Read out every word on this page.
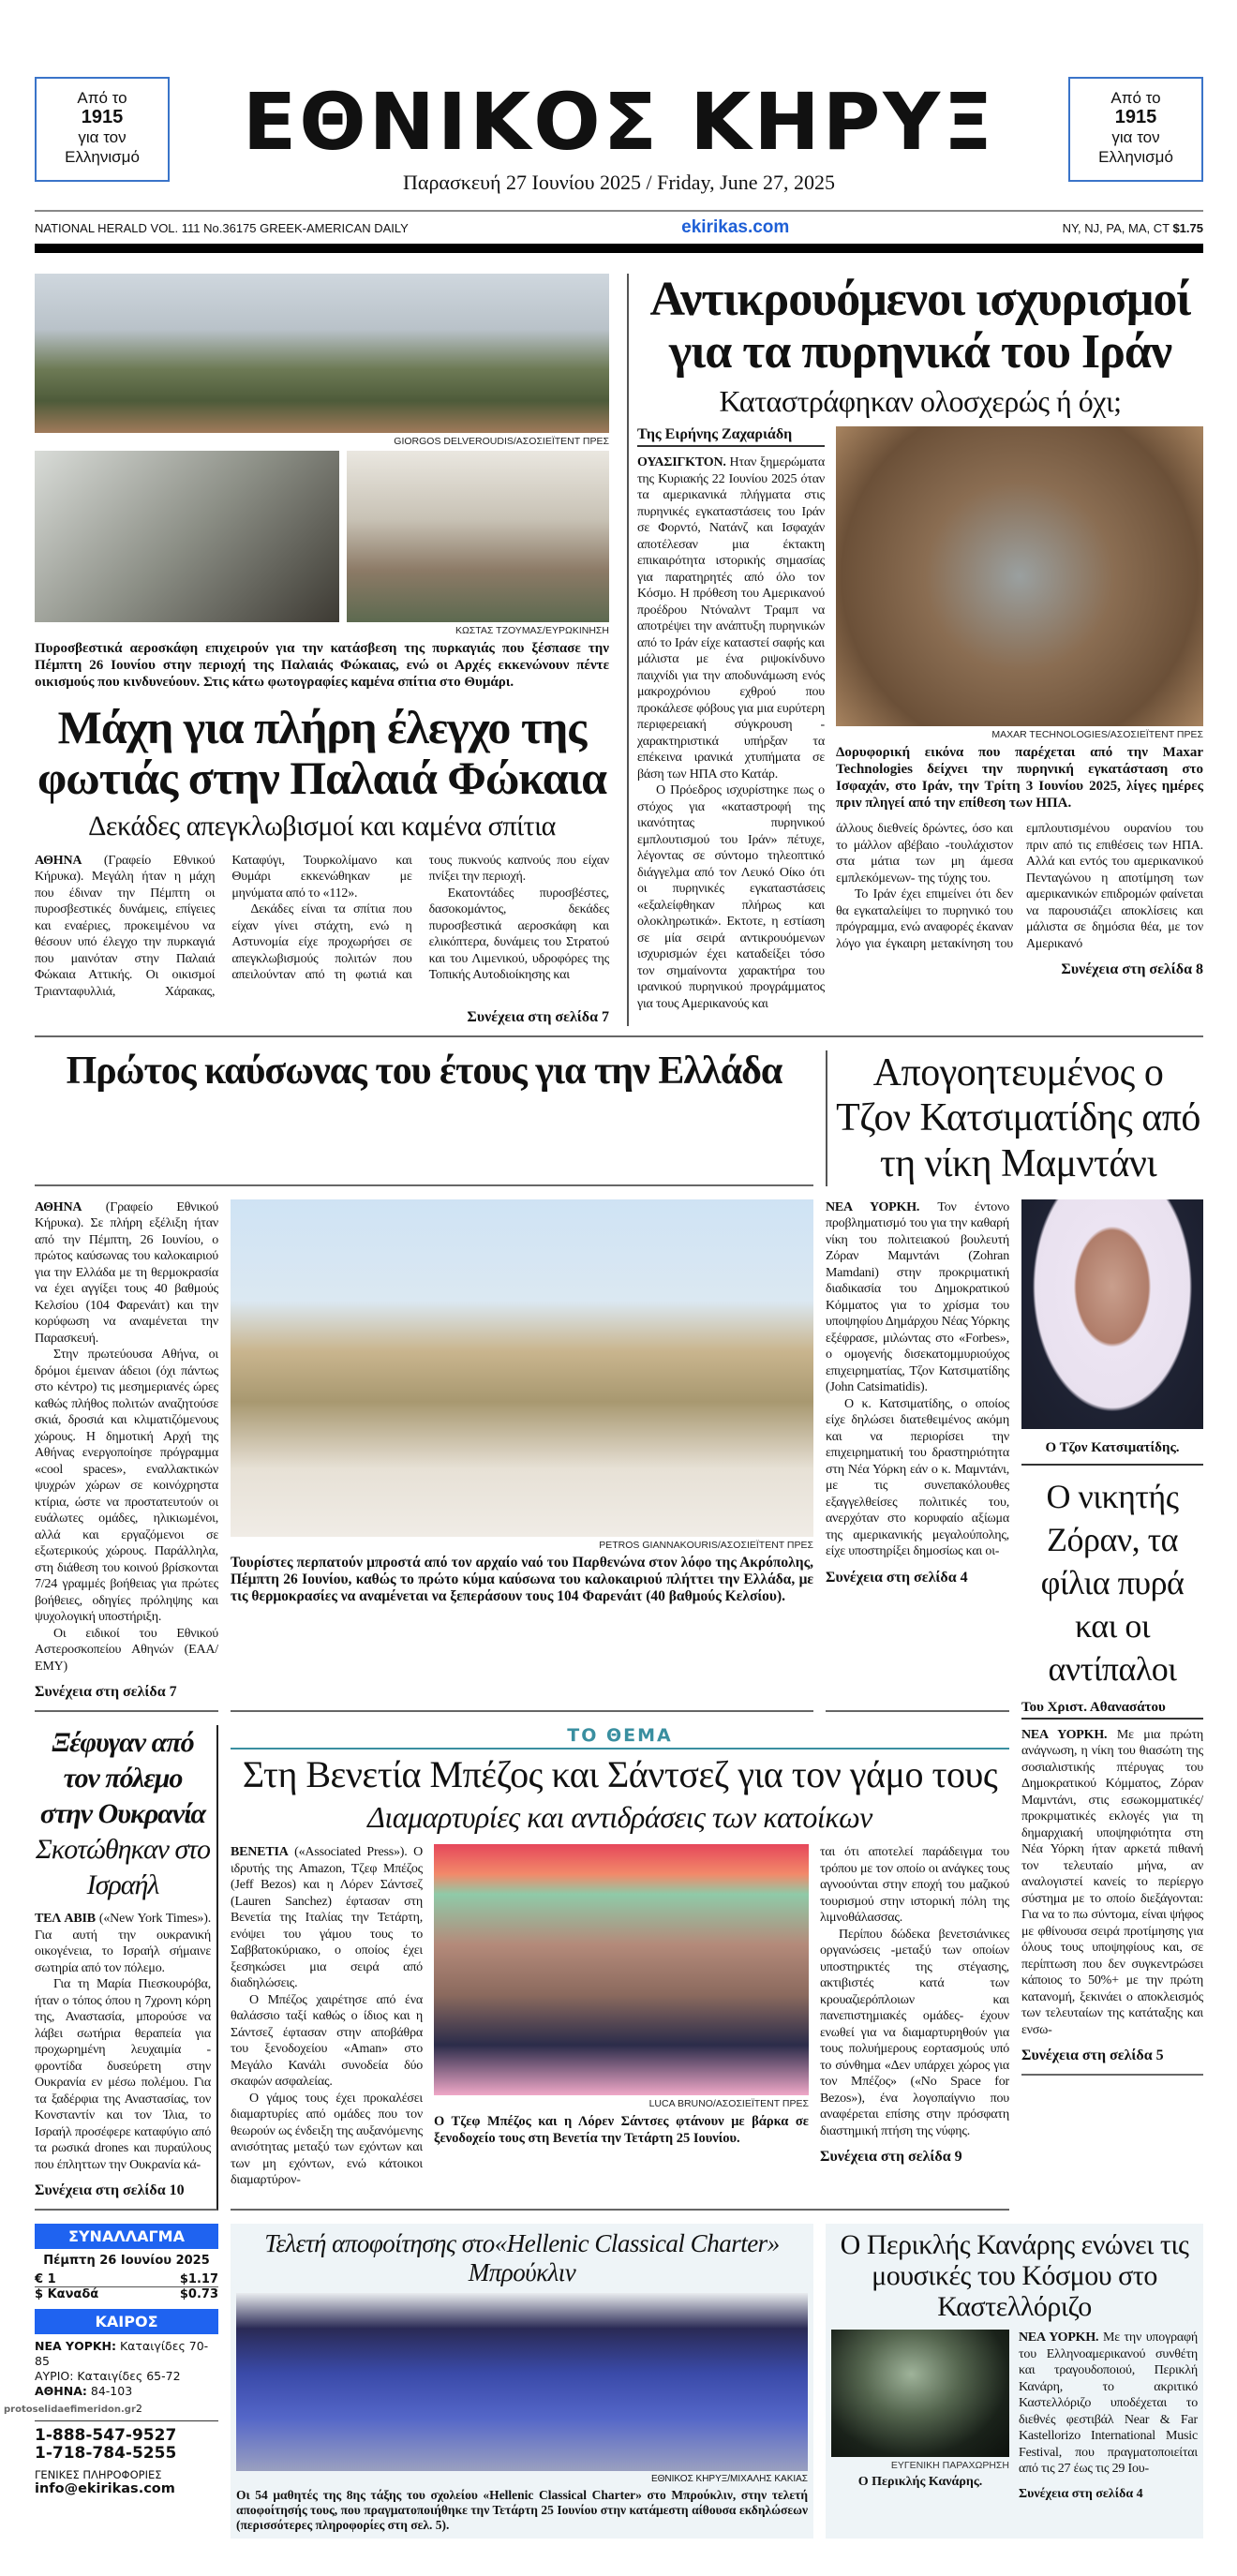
Από το
1915
για τον
Ελληνισμό	ΕΘΝΙΚΟΣ ΚΗΡΥΞ
Παρασκευή 27 Ιουνίου 2025 / Friday, June 27, 2025
Από το
1915
για τον
Ελληνισμό
NATIONAL HERALD VOL. 111 No.36175 GREEK-AMERICAN DAILY	ekirikas.com	NY, NJ, PA, MA, CT $1.75
GIORGOS DELVEROUDIS/ΑΣΟΣΙΕΪΤΕΝΤ ΠΡΕΣ
ΚΩΣΤΑΣ ΤΖΟΥΜΑΣ/ΕΥΡΩΚΙΝΗΣΗ
Πυροσβεστικά αεροσκάφη επιχειρούν για την κατάσβεση της πυρκαγιάς που ξέσπασε την Πέμπτη 26 Ιουνίου στην περιοχή της Παλαιάς Φώκαιας, ενώ οι Αρχές εκκενώνουν πέντε οικισμούς που κινδυνεύουν. Στις κάτω φωτογραφίες καμένα σπίτια στο Θυμάρι.
Μάχη για πλήρη έλεγχο της φωτιάς στην Παλαιά Φώκαια
Δεκάδες απεγκλωβισμοί και καμένα σπίτια

ΑΘΗΝΑ (Γραφείο Εθνικού Κήρυκα). Μεγάλη ήταν η μάχη που έδιναν την Πέμπτη οι πυροσβεστικές δυνάμεις, επίγειες και εναέριες, προκειμένου να θέσουν υπό έλεγχο την πυρκαγιά που μαινόταν στην Παλαιά Φώκαια Αττικής. Οι οικισμοί Τριανταφυλλιά, Χάρακας, Καταφύγι, Τουρκολίμανο και Θυμάρι εκκενώθηκαν με μηνύματα από το «112».

Δεκάδες είναι τα σπίτια που είχαν γίνει στάχτη, ενώ η Αστυνομία είχε προχωρήσει σε απεγκλωβισμούς πολιτών που απειλούνταν από τη φωτιά και τους πυκνούς καπνούς που είχαν πνίξει την περιοχή.

Εκατοντάδες πυροσβέστες, δασοκομάντος, δεκάδες πυροσβεστικά αεροσκάφη και ελικόπτερα, δυνάμεις του Στρατού και του Λιμενικού, υδροφόρες της Τοπικής Αυτοδιοίκησης και

Συνέχεια στη σελίδα 7
Αντικρουόμενοι ισχυρισμοί για τα πυρηνικά του Ιράν
Καταστράφηκαν ολοσχερώς ή όχι;
Της Ειρήνης Ζαχαριάδη

ΟΥΑΣΙΓΚΤΟΝ. Ηταν ξημερώματα της Κυριακής 22 Ιουνίου 2025 όταν τα αμερικανικά πλήγματα στις πυρηνικές εγκαταστάσεις του Ιράν σε Φορντό, Νατάνζ και Ισφαχάν αποτέλεσαν μια έκτακτη επικαιρότητα ιστορικής σημασίας για παρατηρητές από όλο τον Κόσμο. Η πρόθεση του Αμερικανού προέδρου Ντόναλντ Τραμπ να αποτρέψει την ανάπτυξη πυρηνικών από το Ιράν είχε καταστεί σαφής και μάλιστα με ένα ριψοκίνδυνο παιχνίδι για την αποδυνάμωση ενός μακροχρόνιου εχθρού που προκάλεσε φόβους για μια ευρύτερη περιφερειακή σύγκρουση - χαρακτηριστικά υπήρξαν τα επέκεινα ιρανικά χτυπήματα σε βάση των ΗΠΑ στο Κατάρ.

Ο Πρόεδρος ισχυρίστηκε πως ο στόχος για «καταστροφή της ικανότητας πυρηνικού εμπλουτισμού του Ιράν» πέτυχε, λέγοντας σε σύντομο τηλεοπτικό διάγγελμα από τον Λευκό Οίκο ότι οι πυρηνικές εγκαταστάσεις «εξαλείφθηκαν πλήρως και ολοκληρωτικά». Εκτοτε, η εστίαση σε μία σειρά αντικρουόμενων ισχυρισμών έχει καταδείξει τόσο τον σημαίνοντα χαρακτήρα του ιρανικού πυρηνικού προγράμματος για τους Αμερικανούς και

MAXAR TECHNOLOGIES/ΑΣΟΣΙΕΪΤΕΝΤ ΠΡΕΣ
Δορυφορική εικόνα που παρέχεται από την Maxar Technologies δείχνει την πυρηνική εγκατάσταση στο Ισφαχάν, στο Ιράν, την Τρίτη 3 Ιουνίου 2025, λίγες ημέρες πριν πληγεί από την επίθεση των ΗΠΑ.

άλλους διεθνείς δρώντες, όσο και το μάλλον αβέβαιο -τουλάχιστον στα μάτια των μη άμεσα εμπλεκόμενων- της τύχης του.

Το Ιράν έχει επιμείνει ότι δεν θα εγκαταλείψει το πυρηνικό του πρόγραμμα, ενώ αναφορές έκαναν λόγο για έγκαιρη μετακίνηση του εμπλουτισμένου ουρανίου του πριν από τις επιθέσεις των ΗΠΑ. Αλλά και εντός του αμερικανικού Πενταγώνου η αποτίμηση των αμερικανικών επιδρομών φαίνεται να παρουσιάζει αποκλίσεις και μάλιστα σε δημόσια θέα, με τον Αμερικανό

Συνέχεια στη σελίδα 8
Πρώτος καύσωνας του έτους για την Ελλάδα	Απογοητευμένος ο Τζον Κατσιματίδης από τη νίκη Μαμντάνι

ΑΘΗΝΑ (Γραφείο Εθνικού Κήρυκα). Σε πλήρη εξέλιξη ήταν από την Πέμπτη, 26 Ιουνίου, ο πρώτος καύσωνας του καλοκαιριού για την Ελλάδα με τη θερμοκρασία να έχει αγγίξει τους 40 βαθμούς Κελσίου (104 Φαρενάιτ) και την κορύφωση να αναμένεται την Παρασκευή.

Στην πρωτεύουσα Αθήνα, οι δρόμοι έμειναν άδειοι (όχι πάντως στο κέντρο) τις μεσημεριανές ώρες καθώς πλήθος πολιτών αναζητούσε σκιά, δροσιά και κλιματιζόμενους χώρους. Η δημοτική Αρχή της Αθήνας ενεργοποίησε πρόγραμμα «cool spaces», εναλλακτικών ψυχρών χώρων σε κοινόχρηστα κτίρια, ώστε να προστατευτούν οι ευάλωτες ομάδες, ηλικιωμένοι, αλλά και εργαζόμενοι σε εξωτερικούς χώρους. Παράλληλα, στη διάθεση του κοινού βρίσκονται 7/24 γραμμές βοήθειας για πρώτες βοήθειες, οδηγίες πρόληψης και ψυχολογική υποστήριξη.

Οι ειδικοί του Εθνικού Αστεροσκοπείου Αθηνών (ΕΑΑ/ΕΜΥ)

Συνέχεια στη σελίδα 7
PETROS GIANNAKOURIS/ΑΣΟΣΙΕΪΤΕΝΤ ΠΡΕΣ
Τουρίστες περπατούν μπροστά από τον αρχαίο ναό του Παρθενώνα στον λόφο της Ακρόπολης, Πέμπτη 26 Ιουνίου, καθώς το πρώτο κύμα καύσωνα του καλοκαιριού πλήττει την Ελλάδα, με τις θερμοκρασίες να αναμένεται να ξεπεράσουν τους 104 Φαρενάιτ (40 βαθμούς Κελσίου).

ΝΕΑ ΥΟΡΚΗ. Τον έντονο προβληματισμό του για την καθαρή νίκη του πολιτειακού βουλευτή Ζόραν Μαμντάνι (Zohran Mamdani) στην προκριματική διαδικασία του Δημοκρατικού Κόμματος για το χρίσμα του υποψηφίου Δημάρχου Νέας Υόρκης εξέφρασε, μιλώντας στο «Forbes», ο ομογενής δισεκατομμυριούχος επιχειρηματίας, Τζον Κατσιματίδης (John Catsimatidis).

Ο κ. Κατσιματίδης, ο οποίος είχε δηλώσει διατεθειμένος ακόμη και να περιορίσει την επιχειρηματική του δραστηριότητα στη Νέα Υόρκη εάν ο κ. Μαμντάνι, με τις συνεπακόλουθες εξαγγελθείσες πολιτικές του, ανερχόταν στο κορυφαίο αξίωμα της αμερικανικής μεγαλούπολης, είχε υποστηρίξει δημοσίως και οι-

Συνέχεια στη σελίδα 4
Ο Τζον Κατσιματίδης.
Ο νικητής Ζόραν, τα φίλια πυρά και οι αντίπαλοι
Του Χριστ. Αθανασάτου

ΝΕΑ ΥΟΡΚΗ. Με μια πρώτη ανάγνωση, η νίκη του θιασώτη της σοσιαλιστικής πτέρυγας του Δημοκρατικού Κόμματος, Ζόραν Μαμντάνι, στις εσωκομματικές/προκριματικές εκλογές για τη δημαρχιακή υποψηφιότητα στη Νέα Υόρκη ήταν αρκετά πιθανή τον τελευταίο μήνα, αν αναλογιστεί κανείς το περίεργο σύστημα με το οποίο διεξάγονται: Για να το πω σύντομα, είναι ψήφος με φθίνουσα σειρά προτίμησης για όλους τους υποψηφίους και, σε περίπτωση που δεν συγκεντρώσει κάποιος το 50%+ με την πρώτη κατανομή, ξεκινάει ο αποκλεισμός των τελευταίων της κατάταξης και ενσω-

Συνέχεια στη σελίδα 5
Ξέφυγαν από τον πόλεμο στην Ουκρανία
Σκοτώθηκαν στο Ισραήλ

ΤΕΛ ΑΒΙΒ («New York Times»). Για αυτή την ουκρανική οικογένεια, το Ισραήλ σήμαινε σωτηρία από τον πόλεμο.

Για τη Μαρία Πιεσκουρόβα, ήταν ο τόπος όπου η 7χρονη κόρη της, Αναστασία, μπορούσε να λάβει σωτήρια θεραπεία για προχωρημένη λευχαιμία - φροντίδα δυσεύρετη στην Ουκρανία εν μέσω πολέμου. Για τα ξαδέρφια της Αναστασίας, τον Κονσταντίν και τον Ίλια, το Ισραήλ προσέφερε καταφύγιο από τα ρωσικά drones και πυραύλους που έπληττων την Ουκρανία κά-

Συνέχεια στη σελίδα 10
ΤΟ ΘΕΜΑ
Στη Βενετία Μπέζος και Σάντσεζ για τον γάμο τους
Διαμαρτυρίες και αντιδράσεις των κατοίκων

ΒΕΝΕΤΙΑ («Associated Press»). Ο ιδρυτής της Amazon, Τζεφ Μπέζος (Jeff Bezos) και η Λόρεν Σάντσεζ (Lauren Sanchez) έφτασαν στη Βενετία της Ιταλίας την Τετάρτη, ενόψει του γάμου τους το Σαββατοκύριακο, ο οποίος έχει ξεσηκώσει μια σειρά από διαδηλώσεις.

Ο Μπέζος χαιρέτησε από ένα θαλάσσιο ταξί καθώς ο ίδιος και η Σάντσεζ έφτασαν στην αποβάθρα του ξενοδοχείου «Aman» στο Μεγάλο Κανάλι συνοδεία δύο σκαφών ασφαλείας.

Ο γάμος τους έχει προκαλέσει διαμαρτυρίες από ομάδες που τον θεωρούν ως ένδειξη της αυξανόμενης ανισότητας μεταξύ των εχόντων και των μη εχόντων, ενώ κάτοικοι διαμαρτύρον-

LUCA BRUNO/ΑΣΟΣΙΕΪΤΕΝΤ ΠΡΕΣ
Ο Τζεφ Μπέζος και η Λόρεν Σάντσες φτάνουν με βάρκα σε ξενοδοχείο τους στη Βενετία την Τετάρτη 25 Ιουνίου.

ται ότι αποτελεί παράδειγμα του τρόπου με τον οποίο οι ανάγκες τους αγνοούνται στην εποχή του μαζικού τουρισμού στην ιστορική πόλη της λιμνοθάλασσας.

Περίπου δώδεκα βενετσιάνικες οργανώσεις -μεταξύ των οποίων υποστηρικτές της στέγασης, ακτιβιστές κατά των κρουαζιερόπλοιων και πανεπιστημιακές ομάδες- έχουν ενωθεί για να διαμαρτυρηθούν για τους πολυήμερους εορτασμούς υπό το σύνθημα «Δεν υπάρχει χώρος για τον Μπέζος» («No Space for Bezos»), ένα λογοπαίγνιο που αναφέρεται επίσης στην πρόσφατη διαστημική πτήση της νύφης.

Συνέχεια στη σελίδα 9
ΣΥΝΑΛΛΑΓΜΑ
Πέμπτη 26 Ιουνίου 2025
€ 1	$1.17
$ Καναδά	$0.73
ΚΑΙΡΟΣ
ΝΕΑ ΥΟΡΚΗ: Καταιγίδες 70-85
ΑΥΡΙΟ: Καταιγίδες 65-72
ΑΘΗΝΑ: 84-103
protoselidaefimeridon.gr2
1-888-547-9527
1-718-784-5255
ΓΕΝΙΚΕΣ ΠΛΗΡΟΦΟΡΙΕΣ
info@ekirikas.com
Τελετή αποφοίτησης στο«Hellenic Classical Charter» Μπρούκλιν
ΕΘΝΙΚΟΣ ΚΗΡΥΞ/ΜΙΧΑΛΗΣ ΚΑΚΙΑΣ
Οι 54 μαθητές της 8ης τάξης του σχολείου «Hellenic Classical Charter» στο Μπρούκλιν, στην τελετή αποφοίτησής τους, που πραγματοποιήθηκε την Τετάρτη 25 Ιουνίου στην κατάμεστη αίθουσα εκδηλώσεων (περισσότερες πληροφορίες στη σελ. 5).
Ο Περικλής Κανάρης ενώνει τις μουσικές του Κόσμου στο Καστελλόριζο
ΕΥΓΕΝΙΚΗ ΠΑΡΑΧΩΡΗΣΗ
Ο Περικλής Κανάρης.

ΝΕΑ ΥΟΡΚΗ. Με την υπογραφή του Ελληνοαμερικανού συνθέτη και τραγουδοποιού, Περικλή Κανάρη, το ακριτικό Καστελλόριζο υποδέχεται το διεθνές φεστιβάλ Near & Far Kastellorizo International Music Festival, που πραγματοποιείται από τις 27 έως τις 29 Ιου-

Συνέχεια στη σελίδα 4
